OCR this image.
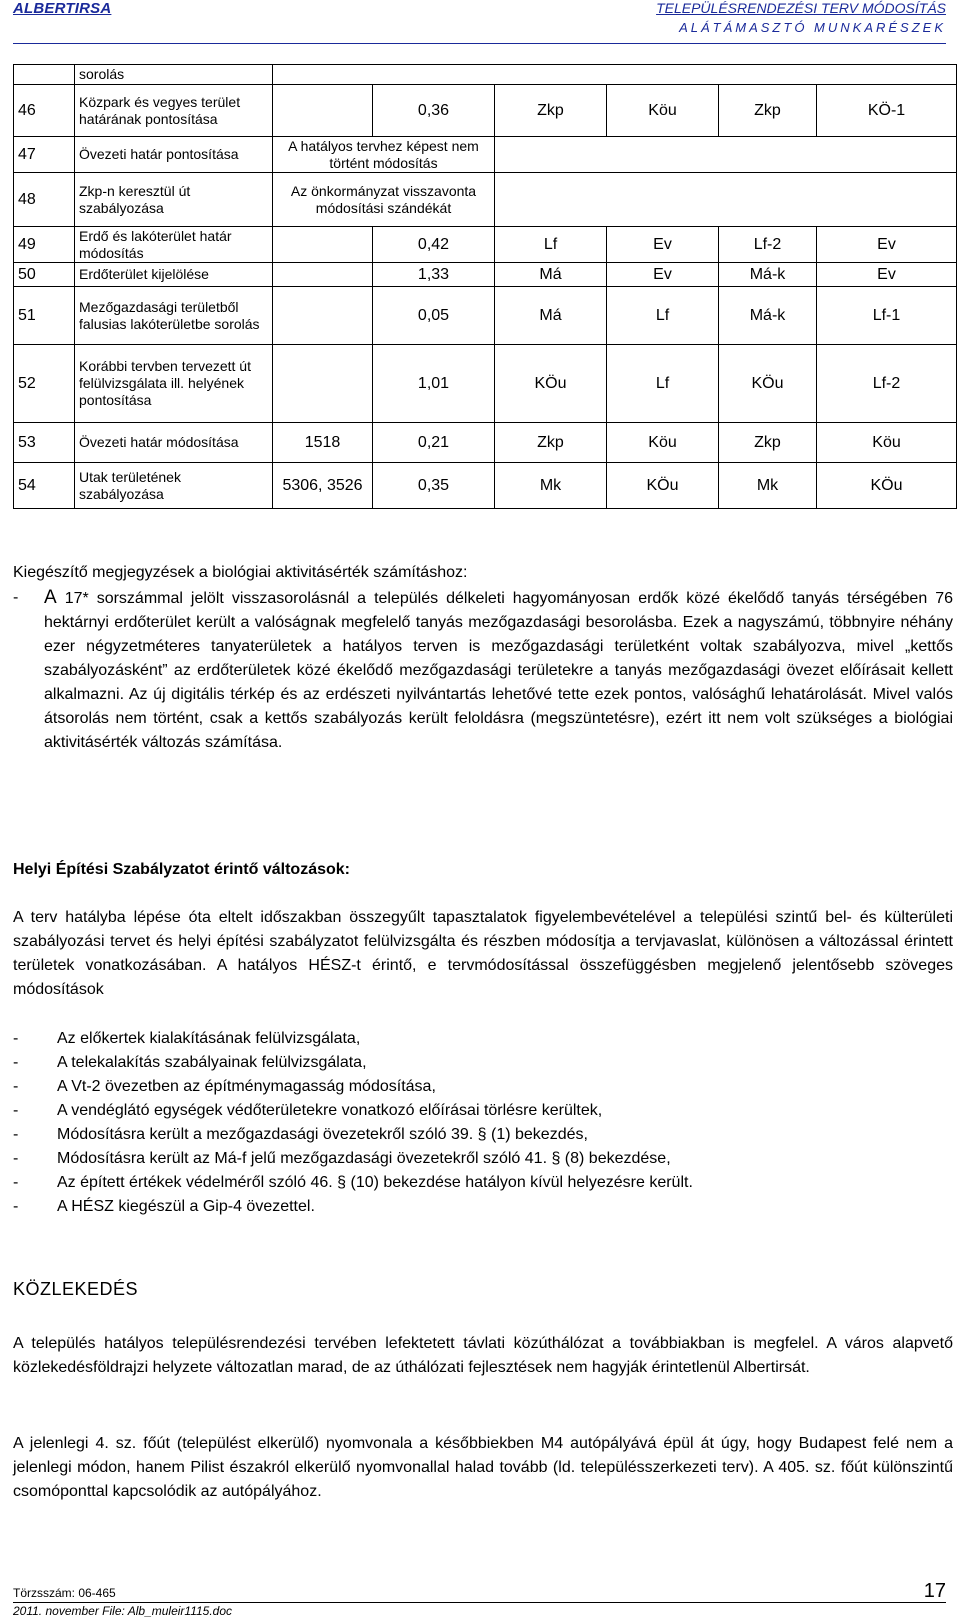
ALBERTIRSA	TELEPÜLÉSRENDEZÉSI TERV MÓDOSÍTÁS
ALÁTÁMASZTÓ MUNKARÉSZEK
	sorolás						
46	Közpark és vegyes terület határának pontosítása		0,36	Zkp	Köu	Zkp	KÖ-1
47	Övezeti határ pontosítása	A hatályos tervhez képest nem történt módosítás					
48	Zkp-n keresztül út szabályozása	Az önkormányzat visszavonta módosítási szándékát					
49	Erdő és lakóterület határ módosítás		0,42	Lf	Ev	Lf-2	Ev
50	Erdőterület kijelölése		1,33	Má	Ev	Má-k	Ev
51	Mezőgazdasági területből falusias lakóterületbe sorolás		0,05	Má	Lf	Má-k	Lf-1
52	Korábbi tervben tervezett út felülvizsgálata ill. helyének pontosítása		1,01	KÖu	Lf	KÖu	Lf-2
53	Övezeti határ módosítása	1518	0,21	Zkp	Köu	Zkp	Köu
54	Utak területének szabályozása	5306, 3526	0,35	Mk	KÖu	Mk	KÖu
Kiegészítő megjegyzések a biológiai aktivitásérték számításhoz:
-	A 17* sorszámmal jelölt visszasorolásnál a település délkeleti hagyományosan erdők közé ékelődő tanyás térségében 76 hektárnyi erdőterület került a valóságnak megfelelő tanyás mezőgazdasági besorolásba. Ezek a nagyszámú, többnyire néhány ezer négyzetméteres tanyaterületek a hatályos terven is mezőgazdasági területként voltak szabályozva, mivel „kettős szabályozásként” az erdőterületek közé ékelődő mezőgazdasági területekre a tanyás mezőgazdasági övezet előírásait kellett alkalmazni. Az új digitális térkép és az erdészeti nyilvántartás lehetővé tette ezek pontos, valósághű lehatárolását. Mivel valós átsorolás nem történt, csak a kettős szabályozás került feloldásra (megszüntetésre), ezért itt nem volt szükséges a biológiai aktivitásérték változás számítása.
Helyi Építési Szabályzatot érintő változások:
A terv hatályba lépése óta eltelt időszakban összegyűlt tapasztalatok figyelembevételével a települési szintű bel- és külterületi szabályozási tervet és helyi építési szabályzatot felülvizsgálta és részben módosítja a tervjavaslat, különösen a változással érintett területek vonatkozásában. A hatályos HÉSZ-t érintő, e tervmódosítással összefüggésben megjelenő jelentősebb szöveges módosítások
- Az előkertek kialakításának felülvizsgálata,
- A telekalakítás szabályainak felülvizsgálata,
- A Vt-2 övezetben az építménymagasság módosítása,
- A vendéglátó egységek védőterületekre vonatkozó előírásai törlésre kerültek,
- Módosításra került a mezőgazdasági övezetekről szóló 39. § (1) bekezdés,
- Módosításra került az Má-f jelű mezőgazdasági övezetekről szóló 41. § (8) bekezdése,
- Az épített értékek védelméről szóló 46. § (10) bekezdése hatályon kívül helyezésre került.
- A HÉSZ kiegészül a Gip-4 övezettel.
KÖZLEKEDÉS
A település hatályos településrendezési tervében lefektetett távlati közúthálózat a továbbiakban is megfelel. A város alapvető közlekedésföldrajzi helyzete változatlan marad, de az úthálózati fejlesztések nem hagyják érintetlenül Albertirsát.
A jelenlegi 4. sz. főút (települést elkerülő) nyomvonala a későbbiekben M4 autópályává épül át úgy, hogy Budapest felé nem a jelenlegi módon, hanem Pilist északról elkerülő nyomvonallal halad tovább (ld. településszerkezeti terv). A 405. sz. főút különszintű csomóponttal kapcsolódik az autópályához.
Törzsszám: 06-465
2011. november File: Alb_muleir1115.doc
17
